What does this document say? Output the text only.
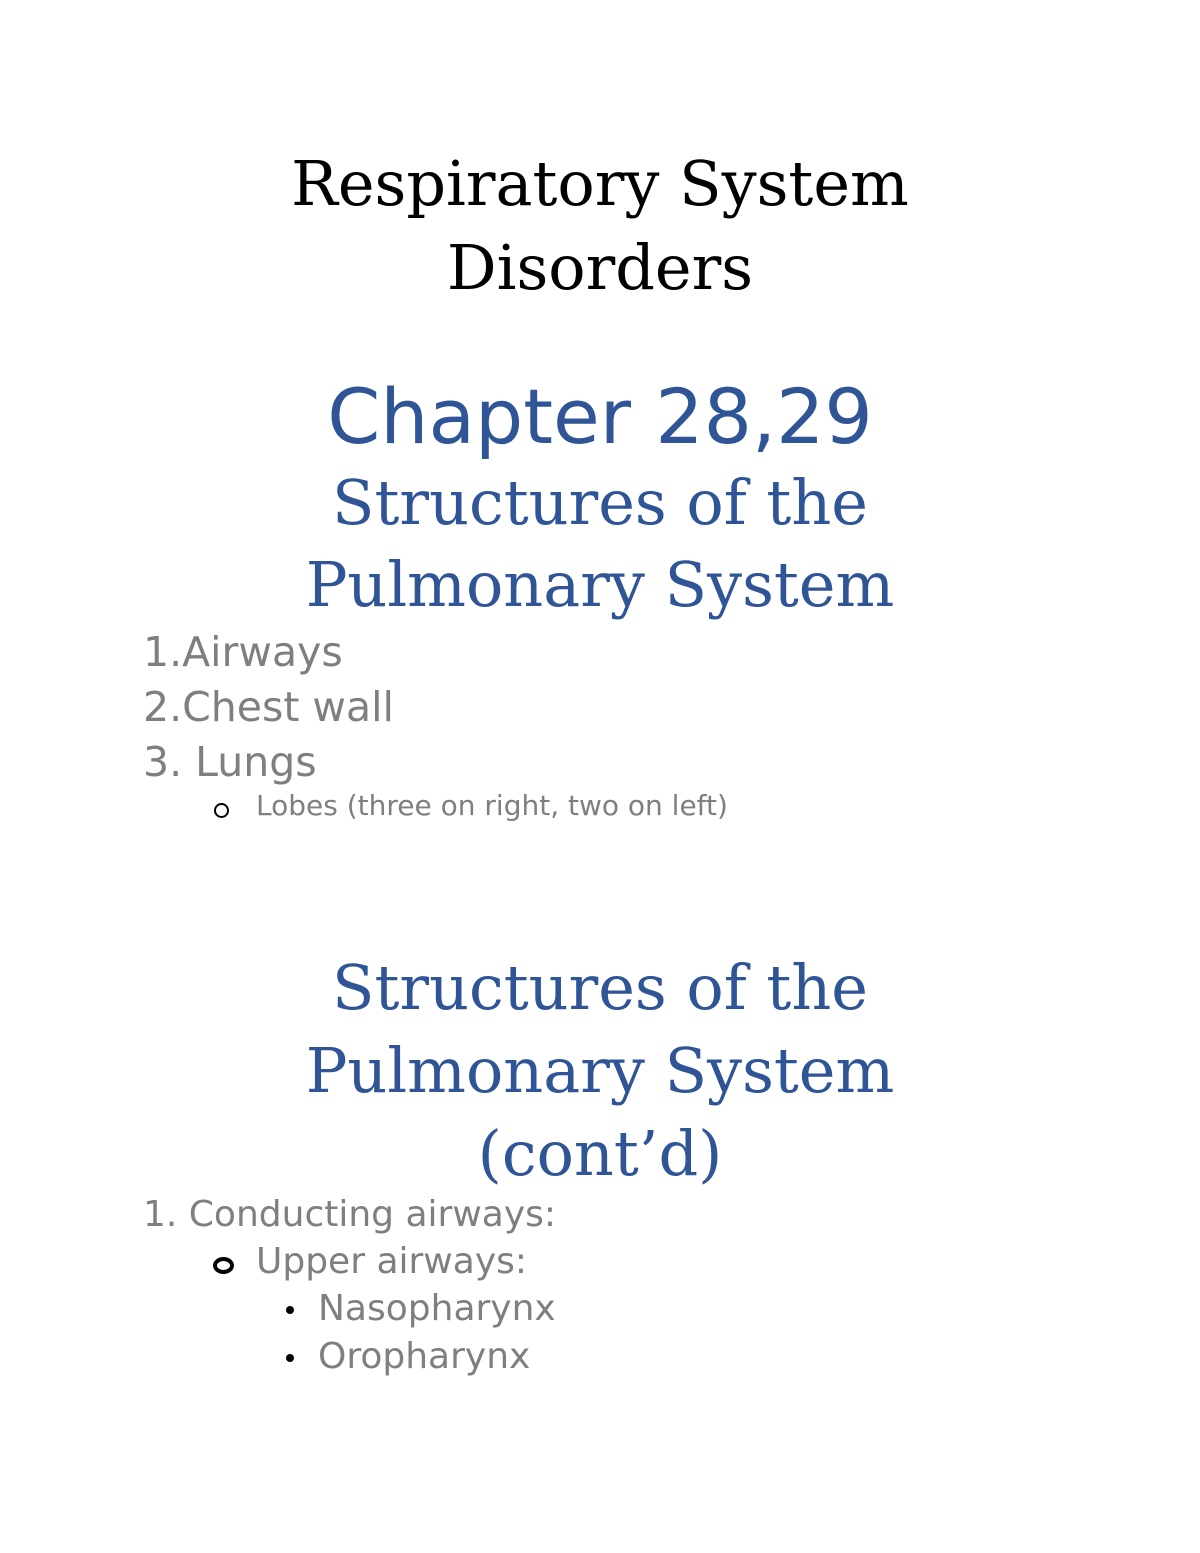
Respiratory System
Disorders
Chapter 28,29
Structures of the
Pulmonary System
1.Airways
2.Chest wall
3. Lungs
Lobes (three on right, two on left)
Structures of the
Pulmonary System
(cont’d)
1. Conducting airways:
Upper airways:
Nasopharynx
Oropharynx
